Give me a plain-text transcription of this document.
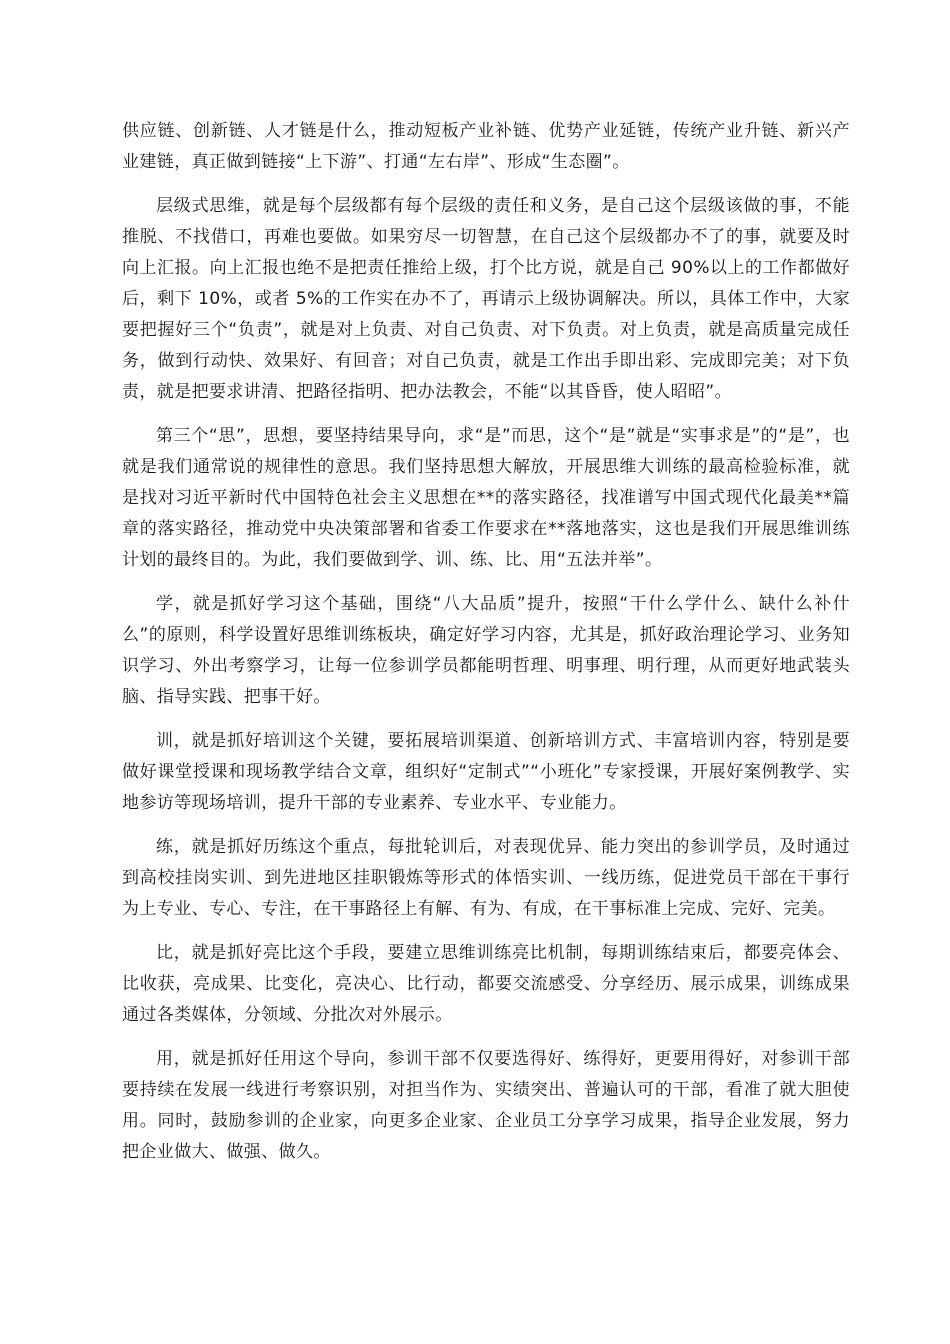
供应链、创新链、人才链是什么，推动短板产业补链、优势产业延链，传统产业升链、新兴产业建链，真正做到链接“上下游”、打通“左右岸”、形成“生态圈”。

层级式思维，就是每个层级都有每个层级的责任和义务，是自己这个层级该做的事，不能推脱、不找借口，再难也要做。如果穷尽一切智慧，在自己这个层级都办不了的事，就要及时向上汇报。向上汇报也绝不是把责任推给上级，打个比方说，就是自己 90%以上的工作都做好后，剩下 10%，或者 5%的工作实在办不了，再请示上级协调解决。所以，具体工作中，大家要把握好三个“负责”，就是对上负责、对自己负责、对下负责。对上负责，就是高质量完成任务，做到行动快、效果好、有回音；对自己负责，就是工作出手即出彩、完成即完美；对下负责，就是把要求讲清、把路径指明、把办法教会，不能“以其昏昏，使人昭昭”。

第三个“思”，思想，要坚持结果导向，求“是”而思，这个“是”就是“实事求是”的“是”，也就是我们通常说的规律性的意思。我们坚持思想大解放，开展思维大训练的最高检验标准，就是找对习近平新时代中国特色社会主义思想在**的落实路径，找准谱写中国式现代化最美**篇章的落实路径，推动党中央决策部署和省委工作要求在**落地落实，这也是我们开展思维训练计划的最终目的。为此，我们要做到学、训、练、比、用“五法并举”。

学，就是抓好学习这个基础，围绕“八大品质”提升，按照“干什么学什么、缺什么补什么”的原则，科学设置好思维训练板块，确定好学习内容，尤其是，抓好政治理论学习、业务知识学习、外出考察学习，让每一位参训学员都能明哲理、明事理、明行理，从而更好地武装头脑、指导实践、把事干好。

训，就是抓好培训这个关键，要拓展培训渠道、创新培训方式、丰富培训内容，特别是要做好课堂授课和现场教学结合文章，组织好“定制式”“小班化”专家授课，开展好案例教学、实地参访等现场培训，提升干部的专业素养、专业水平、专业能力。

练，就是抓好历练这个重点，每批轮训后，对表现优异、能力突出的参训学员，及时通过到高校挂岗实训、到先进地区挂职锻炼等形式的体悟实训、一线历练，促进党员干部在干事行为上专业、专心、专注，在干事路径上有解、有为、有成，在干事标准上完成、完好、完美。

比，就是抓好亮比这个手段，要建立思维训练亮比机制，每期训练结束后，都要亮体会、比收获，亮成果、比变化，亮决心、比行动，都要交流感受、分享经历、展示成果，训练成果通过各类媒体，分领域、分批次对外展示。

用，就是抓好任用这个导向，参训干部不仅要选得好、练得好，更要用得好，对参训干部要持续在发展一线进行考察识别，对担当作为、实绩突出、普遍认可的干部，看准了就大胆使用。同时，鼓励参训的企业家，向更多企业家、企业员工分享学习成果，指导企业发展，努力把企业做大、做强、做久。
